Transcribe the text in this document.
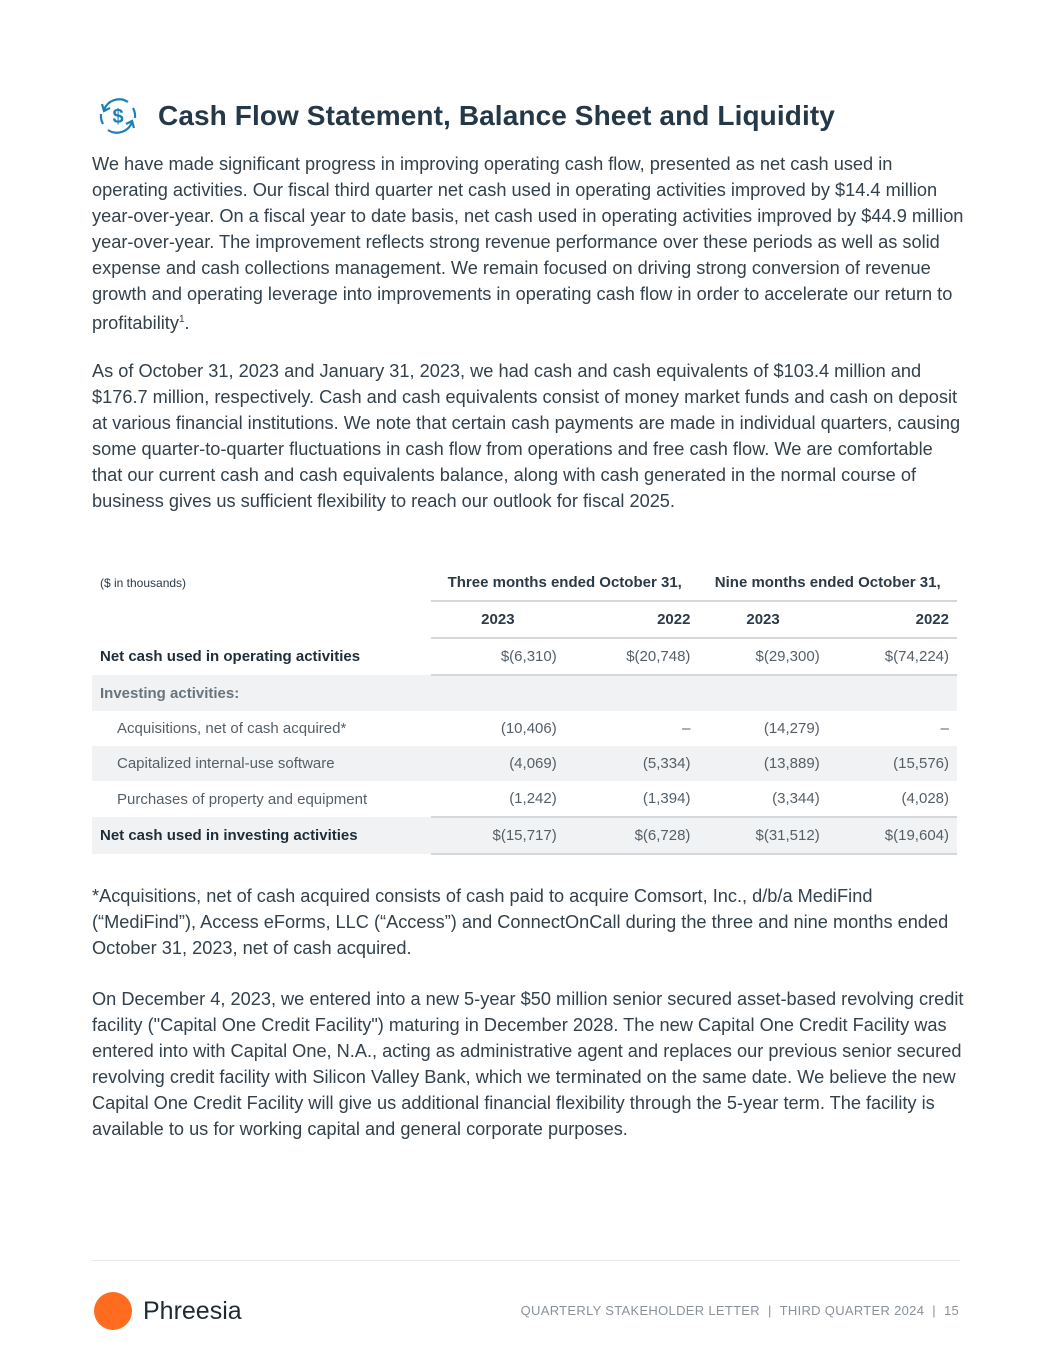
$ Cash Flow Statement, Balance Sheet and Liquidity

We have made significant progress in improving operating cash flow, presented as net cash used in operating activities. Our fiscal third quarter net cash used in operating activities improved by $14.4 million year-over-year. On a fiscal year to date basis, net cash used in operating activities improved by $44.9 million year-over-year. The improvement reflects strong revenue performance over these periods as well as solid expense and cash collections management. We remain focused on driving strong conversion of revenue growth and operating leverage into improvements in operating cash flow in order to accelerate our return to profitability$^1$.

As of October 31, 2023 and January 31, 2023, we had cash and cash equivalents of $103.4 million and $176.7 million, respectively. Cash and cash equivalents consist of money market funds and cash on deposit at various financial institutions. We note that certain cash payments are made in individual quarters, causing some quarter-to-quarter fluctuations in cash flow from operations and free cash flow. We are comfortable that our current cash and cash equivalents balance, along with cash generated in the normal course of business gives us sufficient flexibility to reach our outlook for fiscal 2025.

($ in thousands)	Three months ended October 31,		Nine months ended October 31,	
	2023	2022	2023	2022
Net cash used in operating activities	$(6,310)	$(20,748)	$(29,300)	$(74,224)
Investing activities:				
Acquisitions, net of cash acquired*	(10,406)	–	(14,279)	–
Capitalized internal-use software	(4,069)	(5,334)	(13,889)	(15,576)
Purchases of property and equipment	(1,242)	(1,394)	(3,344)	(4,028)
Net cash used in investing activities	$(15,717)	$(6,728)	$(31,512)	$(19,604)

*Acquisitions, net of cash acquired consists of cash paid to acquire Comsort, Inc., d/b/a MediFind (“MediFind”), Access eForms, LLC (“Access”) and ConnectOnCall during the three and nine months ended October 31, 2023, net of cash acquired.

On December 4, 2023, we entered into a new 5-year $50 million senior secured asset-based revolving credit facility ("Capital One Credit Facility") maturing in December 2028. The new Capital One Credit Facility was entered into with Capital One, N.A., acting as administrative agent and replaces our previous senior secured revolving credit facility with Silicon Valley Bank, which we terminated on the same date. We believe the new Capital One Credit Facility will give us additional financial flexibility through the 5-year term. The facility is available to us for working capital and general corporate purposes.

Phreesia	QUARTERLY STAKEHOLDER LETTER | THIRD QUARTER 2024 | 15
